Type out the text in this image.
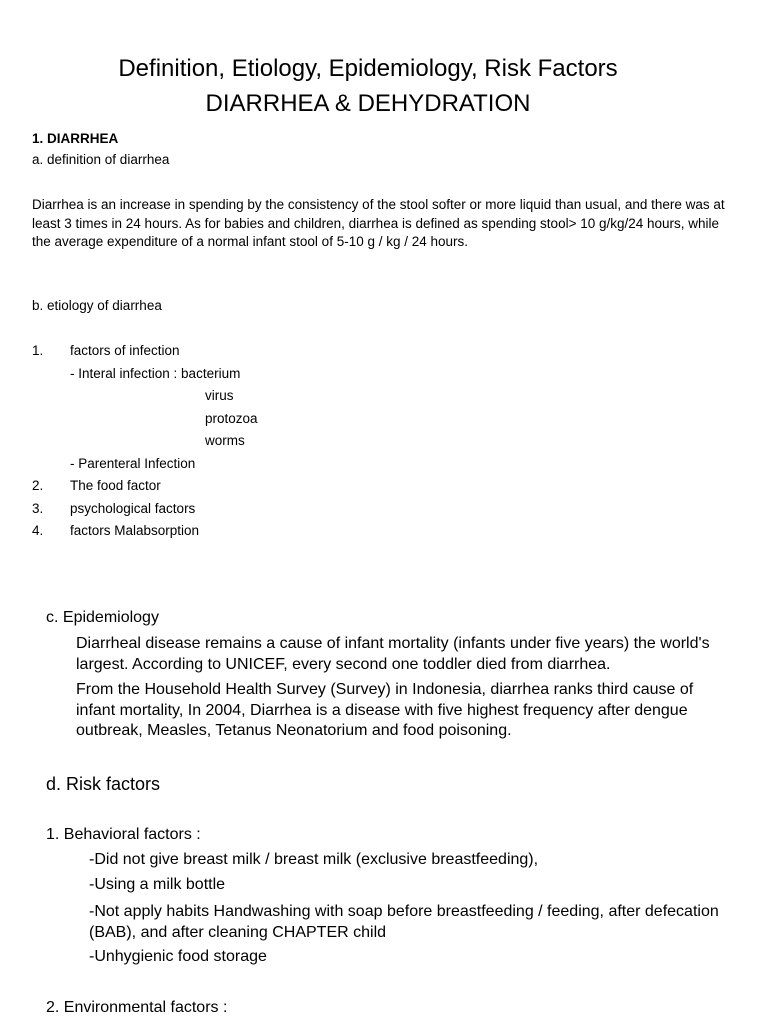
Definition, Etiology, Epidemiology, Risk Factors
DIARRHEA & DEHYDRATION
1. DIARRHEA
a. definition of diarrhea
Diarrhea is an increase in spending by the consistency of the stool softer or more liquid than usual, and there was at least 3 times in 24 hours. As for babies and children, diarrhea is defined as spending stool> 10 g/kg/24 hours, while the average expenditure of a normal infant stool of 5-10 g / kg / 24 hours.
b. etiology of diarrhea
1. factors of infection
- Interal infection : bacterium
virus
protozoa
worms
- Parenteral Infection
2. The food factor
3. psychological factors
4. factors Malabsorption
c. Epidemiology
Diarrheal disease remains a cause of infant mortality (infants under five years) the world's largest. According to UNICEF, every second one toddler died from diarrhea.
From the Household Health Survey (Survey) in Indonesia, diarrhea ranks third cause of infant mortality, In 2004, Diarrhea is a disease with five highest frequency after dengue outbreak, Measles, Tetanus Neonatorium and food poisoning.
d. Risk factors
1. Behavioral factors :
-Did not give breast milk / breast milk (exclusive breastfeeding),
-Using a milk bottle
-Not apply habits Handwashing with soap before breastfeeding / feeding, after defecation (BAB), and after cleaning CHAPTER child
-Unhygienic food storage
2. Environmental factors :
